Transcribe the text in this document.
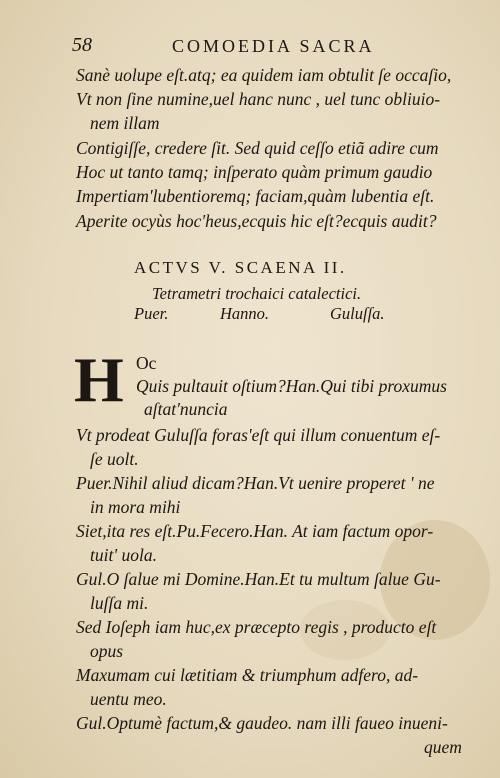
58	COMOEDIA SACRA
Sanè uolupe eſt.atq; ea quidem iam obtulit ſe occaſio,
Vt non ſine numine,uel hanc nunc , uel tunc obliuio-
nem illam
Contigiſſe, credere ſit. Sed quid ceſſo etiã adire cum
Hoc ut tanto tamq; inſperato quàm primum gaudio
Impertiam'lubentioremq; faciam,quàm lubentia eſt.
Aperite ocyùs hoc'heus,ecquis hic eſt?ecquis audit?
ACTVS V. SCAENA II.
Tetrametri trochaici catalectici.
Puer.	Hanno.	Guluſſa.
H Oc
Quis pultauit oſtium?Han.Qui tibi proxumus
aſtat'nuncia
Vt prodeat Guluſſa foras'eſt qui illum conuentum eſ-
ſe uolt.
Puer.Nihil aliud dicam?Han.Vt uenire properet ' ne
in mora mihi
Siet,ita res eſt.Pu.Fecero.Han. At iam factum opor-
tuit' uola.
Gul.O ſalue mi Domine.Han.Et tu multum ſalue Gu-
luſſa mi.
Sed Ioſeph iam huc,ex præcepto regis , producto eſt
opus
Maxumam cui lætitiam & triumphum adfero, ad-
uentu meo.
Gul.Optumè factum,& gaudeo. nam illi faueo inueni-
quem
